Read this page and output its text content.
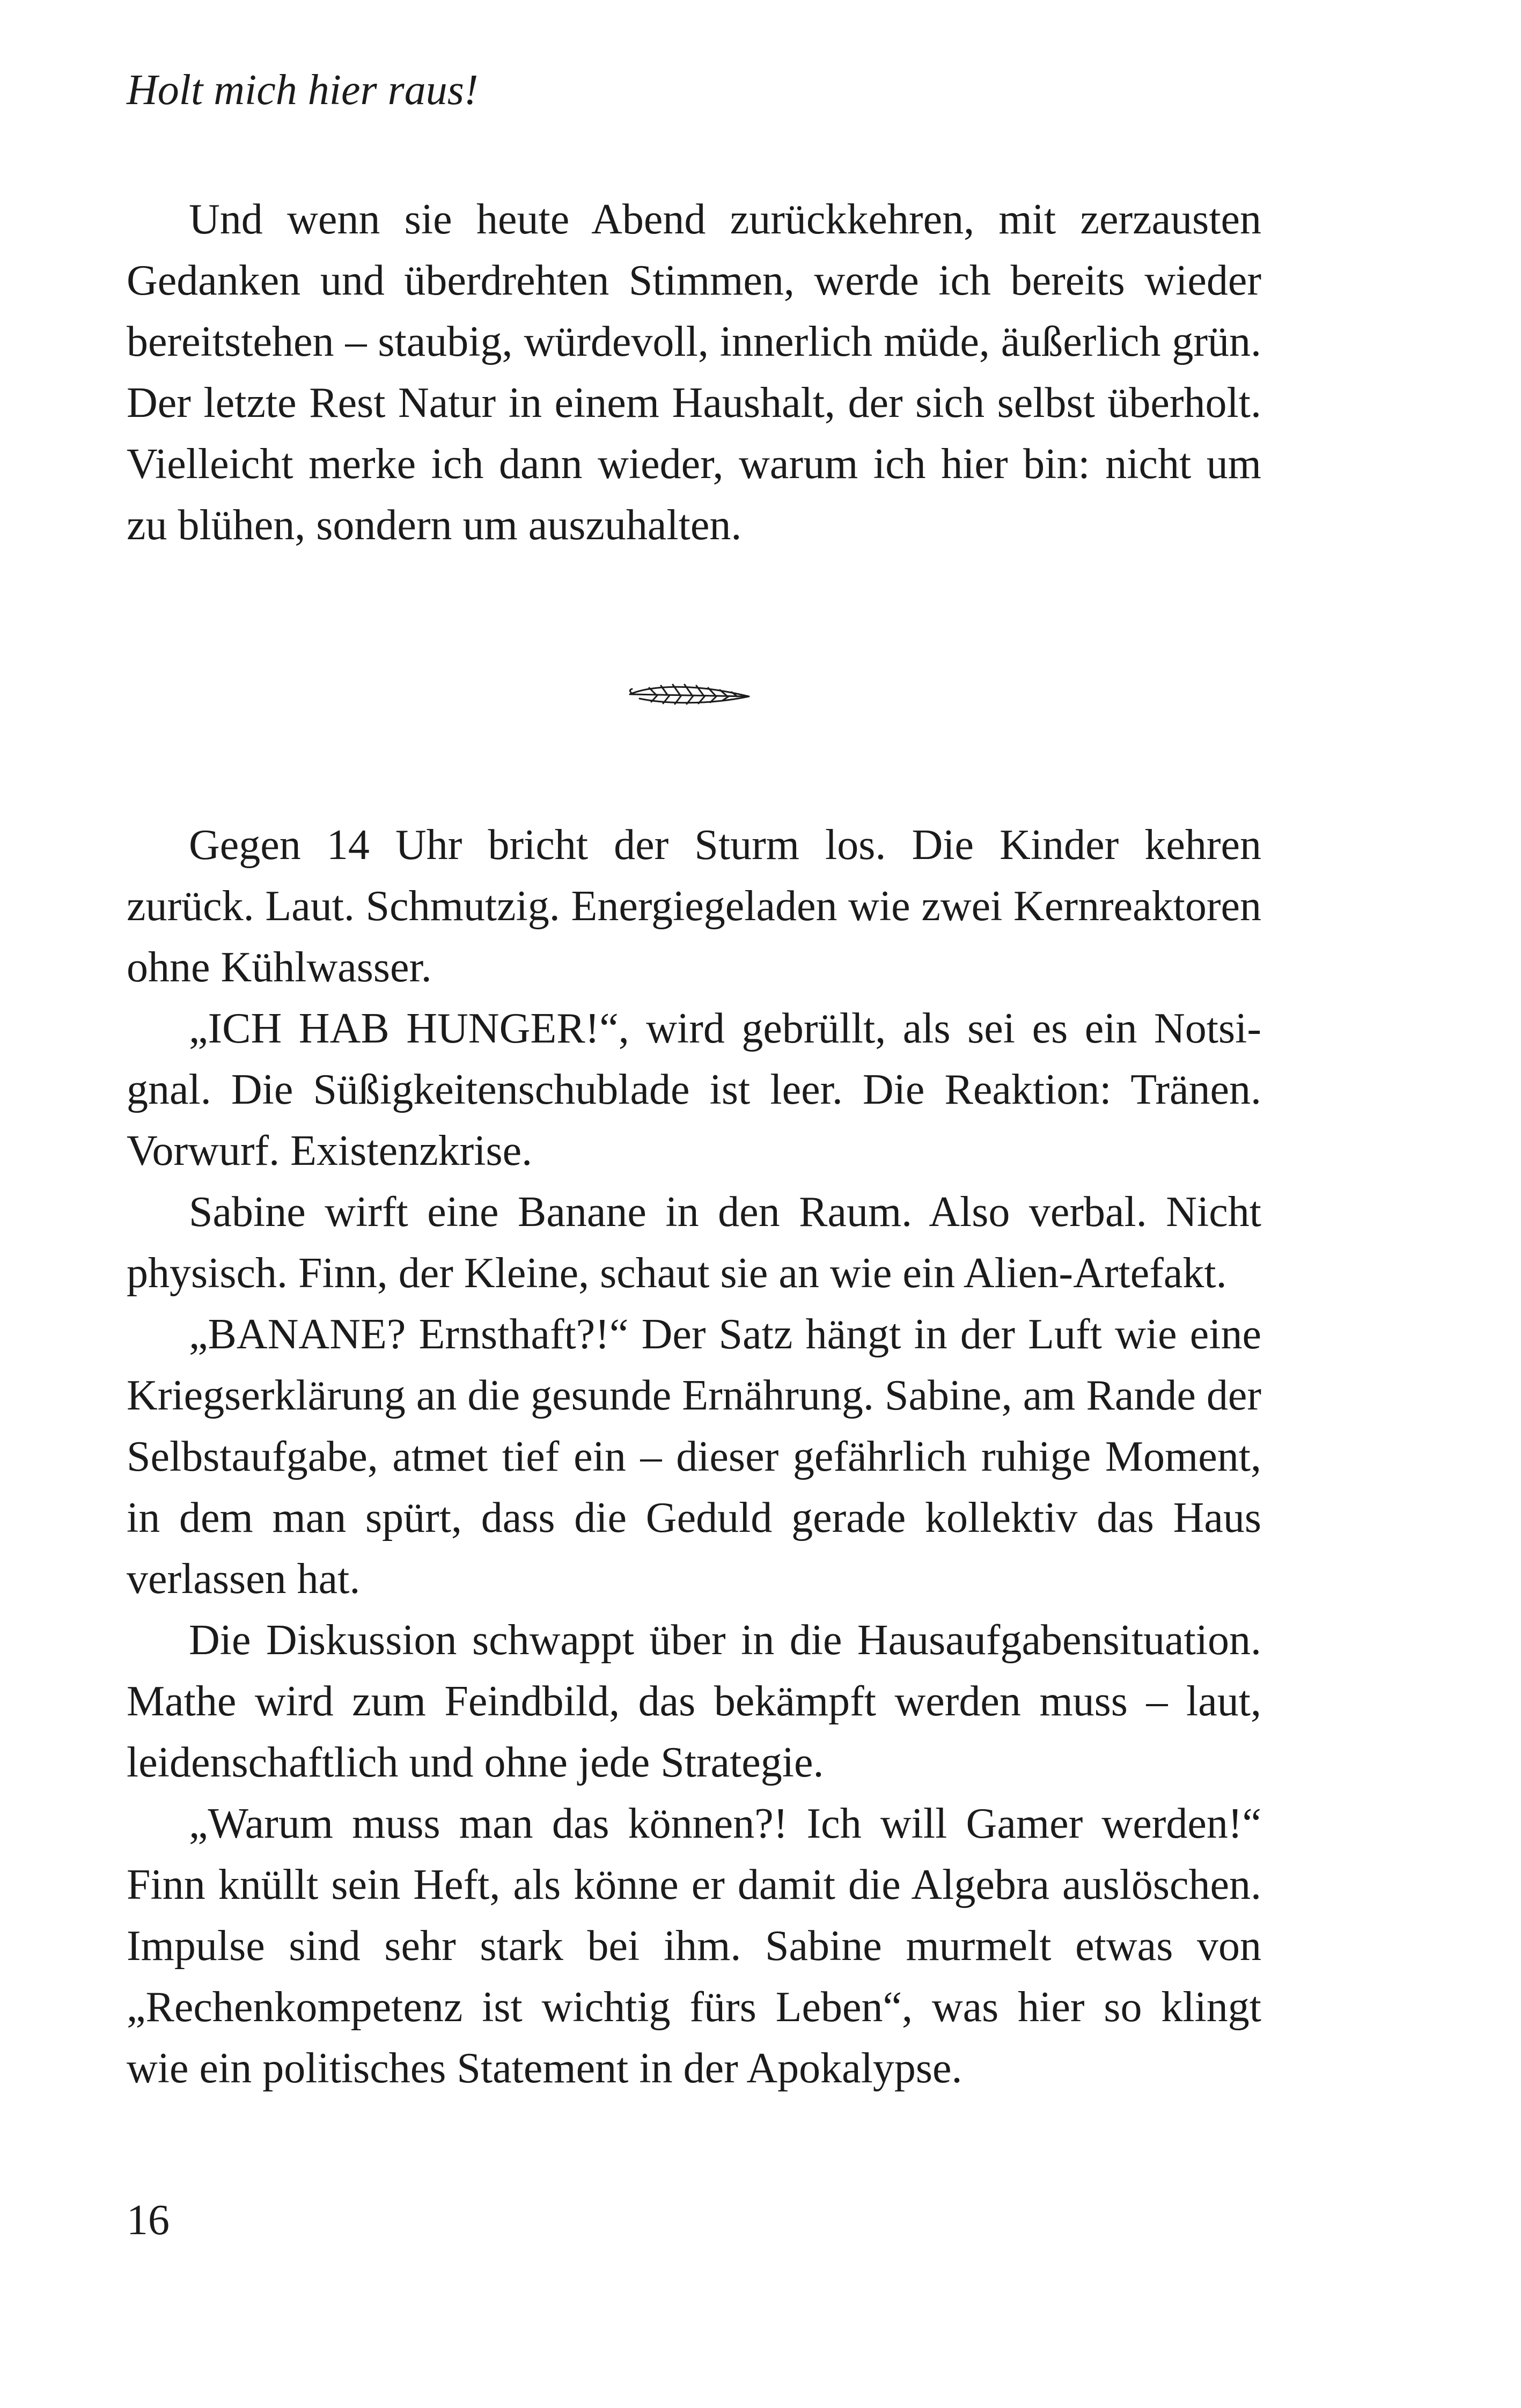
Holt mich hier raus!

Und wenn sie heute Abend zurückkehren, mit zerzausten Gedanken und überdrehten Stimmen, werde ich bereits wieder bereitstehen – staubig, würdevoll, innerlich müde, äußerlich grün. Der letzte Rest Natur in einem Haushalt, der sich selbst überholt. Vielleicht merke ich dann wieder, warum ich hier bin: nicht um zu blühen, sondern um auszuhalten.

Gegen 14 Uhr bricht der Sturm los. Die Kinder kehren zurück. Laut. Schmutzig. Energiegeladen wie zwei Kernreaktoren ohne Kühlwasser.

„ICH HAB HUNGER!“, wird gebrüllt, als sei es ein Notsignal. Die Süßigkeitenschublade ist leer. Die Reaktion: Tränen. Vorwurf. Existenzkrise.

Sabine wirft eine Banane in den Raum. Also verbal. Nicht physisch. Finn, der Kleine, schaut sie an wie ein Alien-Artefakt.

„BANANE? Ernsthaft?!“ Der Satz hängt in der Luft wie eine Kriegserklärung an die gesunde Ernährung. Sabine, am Rande der Selbstaufgabe, atmet tief ein – dieser gefährlich ruhige Moment, in dem man spürt, dass die Geduld gerade kollektiv das Haus verlassen hat.

Die Diskussion schwappt über in die Hausaufgabensituation. Mathe wird zum Feindbild, das bekämpft werden muss – laut, leidenschaftlich und ohne jede Strategie.

„Warum muss man das können?! Ich will Gamer werden!“ Finn knüllt sein Heft, als könne er damit die Algebra auslöschen. Impulse sind sehr stark bei ihm. Sabine murmelt etwas von „Rechenkompetenz ist wichtig fürs Leben“, was hier so klingt wie ein politisches Statement in der Apokalypse.

16
